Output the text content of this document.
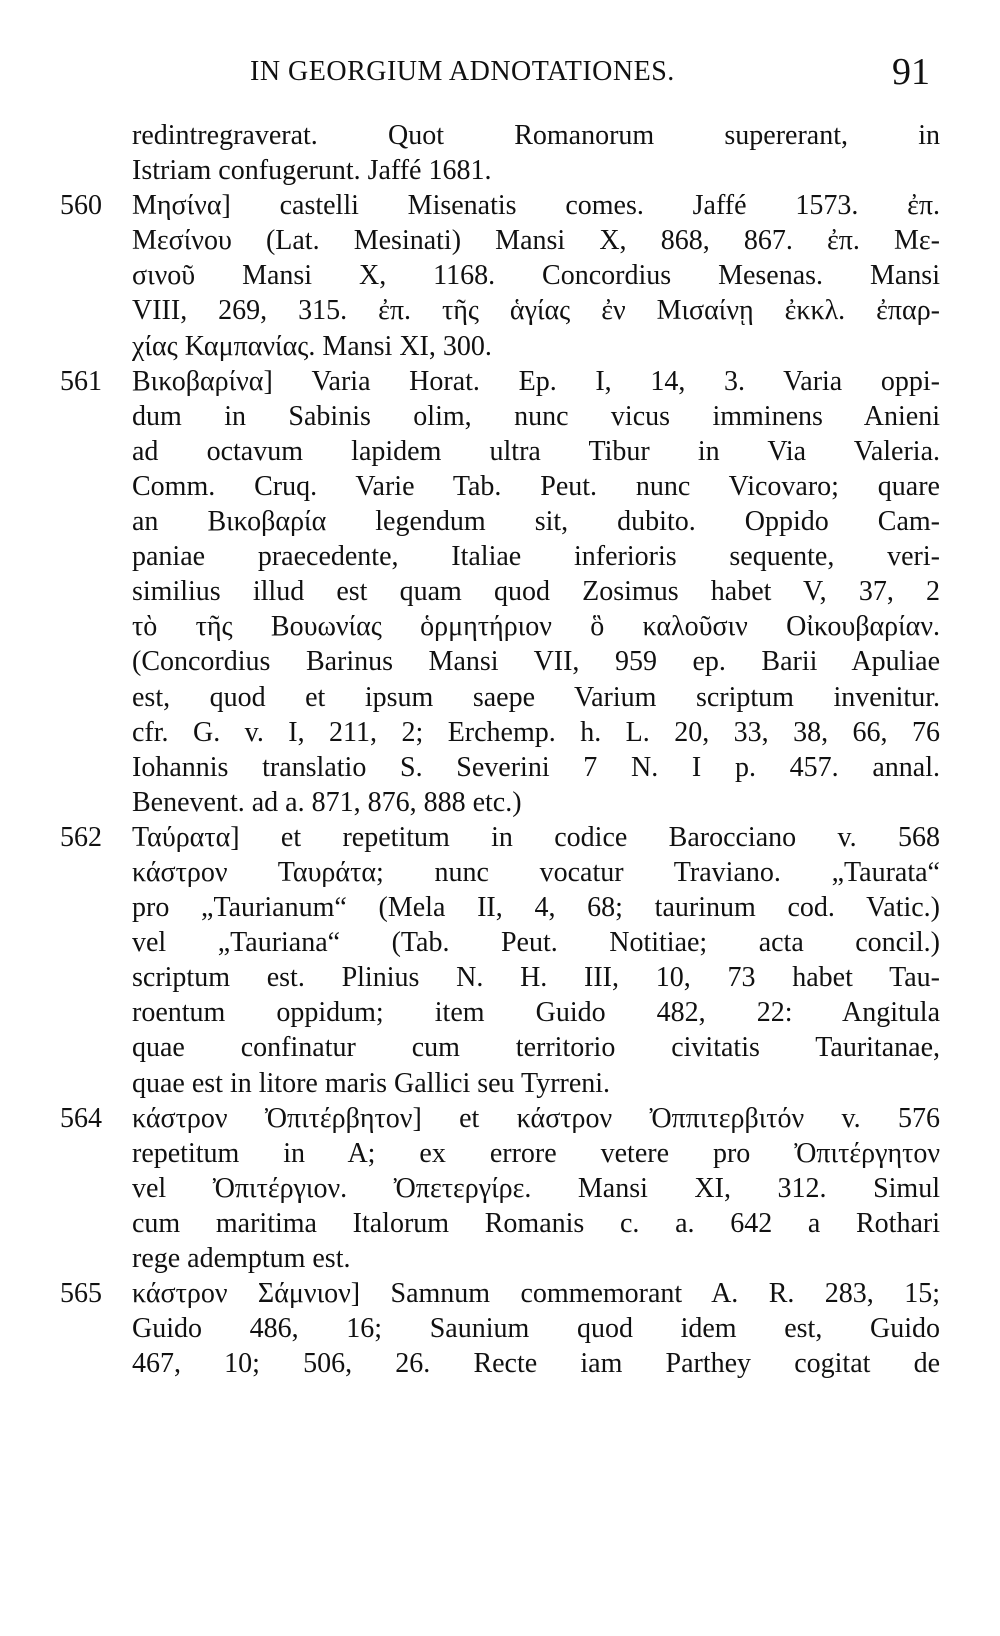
IN GEORGIUM ADNOTATIONES.	91
redintregraverat. Quot Romanorum supererant, in
Istriam confugerunt. Jaffé 1681.
560	Μησίνα] castelli Misenatis comes. Jaffé 1573. ἐπ.
Μεσίνου (Lat. Mesinati) Mansi X, 868, 867. ἐπ. Με-
σινοῦ Mansi X, 1168. Concordius Mesenas. Mansi
VIII, 269, 315. ἐπ. τῆς ἁγίας ἐν Μισαίνῃ ἐκκλ. ἐπαρ-
χίας Καμπανίας. Mansi XI, 300.
561	Βικοβαρίνα] Varia Horat. Ep. I, 14, 3. Varia oppi-
dum in Sabinis olim, nunc vicus imminens Anieni
ad octavum lapidem ultra Tibur in Via Valeria.
Comm. Cruq. Varie Tab. Peut. nunc Vicovaro; quare
an Βικοβαρία legendum sit, dubito. Oppido Cam-
paniae praecedente, Italiae inferioris sequente, veri-
similius illud est quam quod Zosimus habet V, 37, 2
τὸ τῆς Βουωνίας ὁρμητήριον ὃ καλοῦσιν Οἰκουβαρίαν.
(Concordius Barinus Mansi VII, 959 ep. Barii Apuliae
est, quod et ipsum saepe Varium scriptum invenitur.
cfr. G. v. I, 211, 2; Erchemp. h. L. 20, 33, 38, 66, 76
Iohannis translatio S. Severini 7 N. I p. 457. annal.
Benevent. ad a. 871, 876, 888 etc.)
562	Ταύρατα] et repetitum in codice Barocciano v. 568
κάστρον Ταυράτα; nunc vocatur Traviano. „Taurata“
pro „Taurianum“ (Mela II, 4, 68; taurinum cod. Vatic.)
vel „Tauriana“ (Tab. Peut. Notitiae; acta concil.)
scriptum est. Plinius N. H. III, 10, 73 habet Tau-
roentum oppidum; item Guido 482, 22: Angitula
quae confinatur cum territorio civitatis Tauritanae,
quae est in litore maris Gallici seu Tyrreni.
564	κάστρον Ὀπιτέρβητον] et κάστρον Ὀππιτερβιτόν v. 576
repetitum in A; ex errore vetere pro Ὀπιτέργητον
vel Ὀπιτέργιον. Ὀπετεργίρε. Mansi XI, 312. Simul
cum maritima Italorum Romanis c. a. 642 a Rothari
rege ademptum est.
565	κάστρον Σάμνιον] Samnum commemorant A. R. 283, 15;
Guido 486, 16; Saunium quod idem est, Guido
467, 10; 506, 26. Recte iam Parthey cogitat de
